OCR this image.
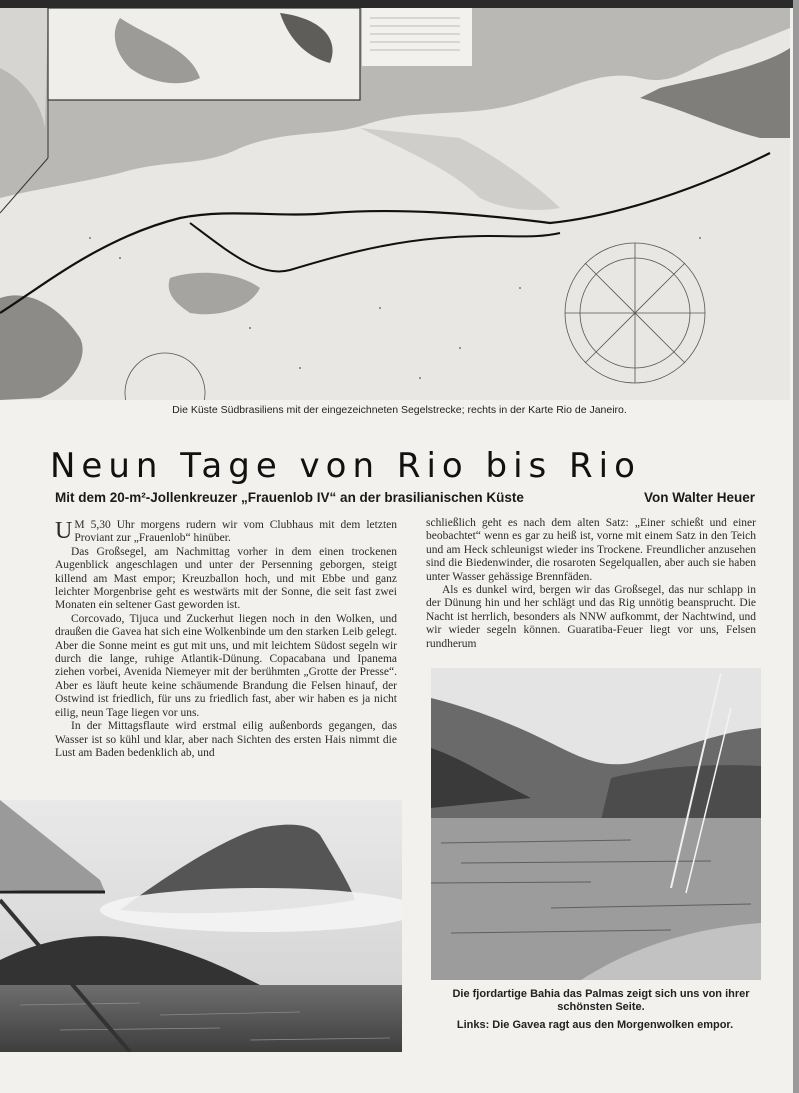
Die Küste Südbrasiliens mit der eingezeichneten Segelstrecke; rechts in der Karte Rio de Janeiro.
Neun Tage von Rio bis Rio
Mit dem 20-m²-Jollenkreuzer „Frauenlob IV“ an der brasilianischen Küste	Von Walter Heuer

U M 5,30 Uhr morgens rudern wir vom Clubhaus mit dem letzten Proviant zur „Frauenlob“ hinüber.

Das Großsegel, am Nachmittag vorher in dem einen trockenen Augenblick angeschlagen und unter der Persenning geborgen, steigt killend am Mast empor; Kreuzballon hoch, und mit Ebbe und ganz leichter Morgenbrise geht es westwärts mit der Sonne, die seit fast zwei Monaten ein seltener Gast geworden ist.

Corcovado, Tijuca und Zuckerhut liegen noch in den Wolken, und draußen die Gavea hat sich eine Wolkenbinde um den starken Leib gelegt. Aber die Sonne meint es gut mit uns, und mit leichtem Südost segeln wir durch die lange, ruhige Atlantik-Dünung. Copacabana und Ipanema ziehen vorbei, Avenida Niemeyer mit der berühmten „Grotte der Presse“. Aber es läuft heute keine schäumende Brandung die Felsen hinauf, der Ostwind ist friedlich, für uns zu friedlich fast, aber wir haben es ja nicht eilig, neun Tage liegen vor uns.

In der Mittagsflaute wird erstmal eilig außenbords gegangen, das Wasser ist so kühl und klar, aber nach Sichten des ersten Hais nimmt die Lust am Baden bedenklich ab, und

schließlich geht es nach dem alten Satz: „Einer schießt und einer beobachtet“ wenn es gar zu heiß ist, vorne mit einem Satz in den Teich und am Heck schleunigst wieder ins Trockene. Freundlicher anzusehen sind die Biedenwinder, die rosaroten Segelquallen, aber auch sie haben unter Wasser gehässige Brennfäden.

Als es dunkel wird, bergen wir das Großsegel, das nur schlapp in der Dünung hin und her schlägt und das Rig unnötig beansprucht. Die Nacht ist herrlich, besonders als NNW aufkommt, der Nachtwind, und wir wieder segeln können. Guaratiba-Feuer liegt vor uns, Felsen rundherum

Die fjordartige Bahia das Palmas zeigt sich uns von ihrer schönsten Seite.
Links: Die Gavea ragt aus den Morgenwolken empor.
